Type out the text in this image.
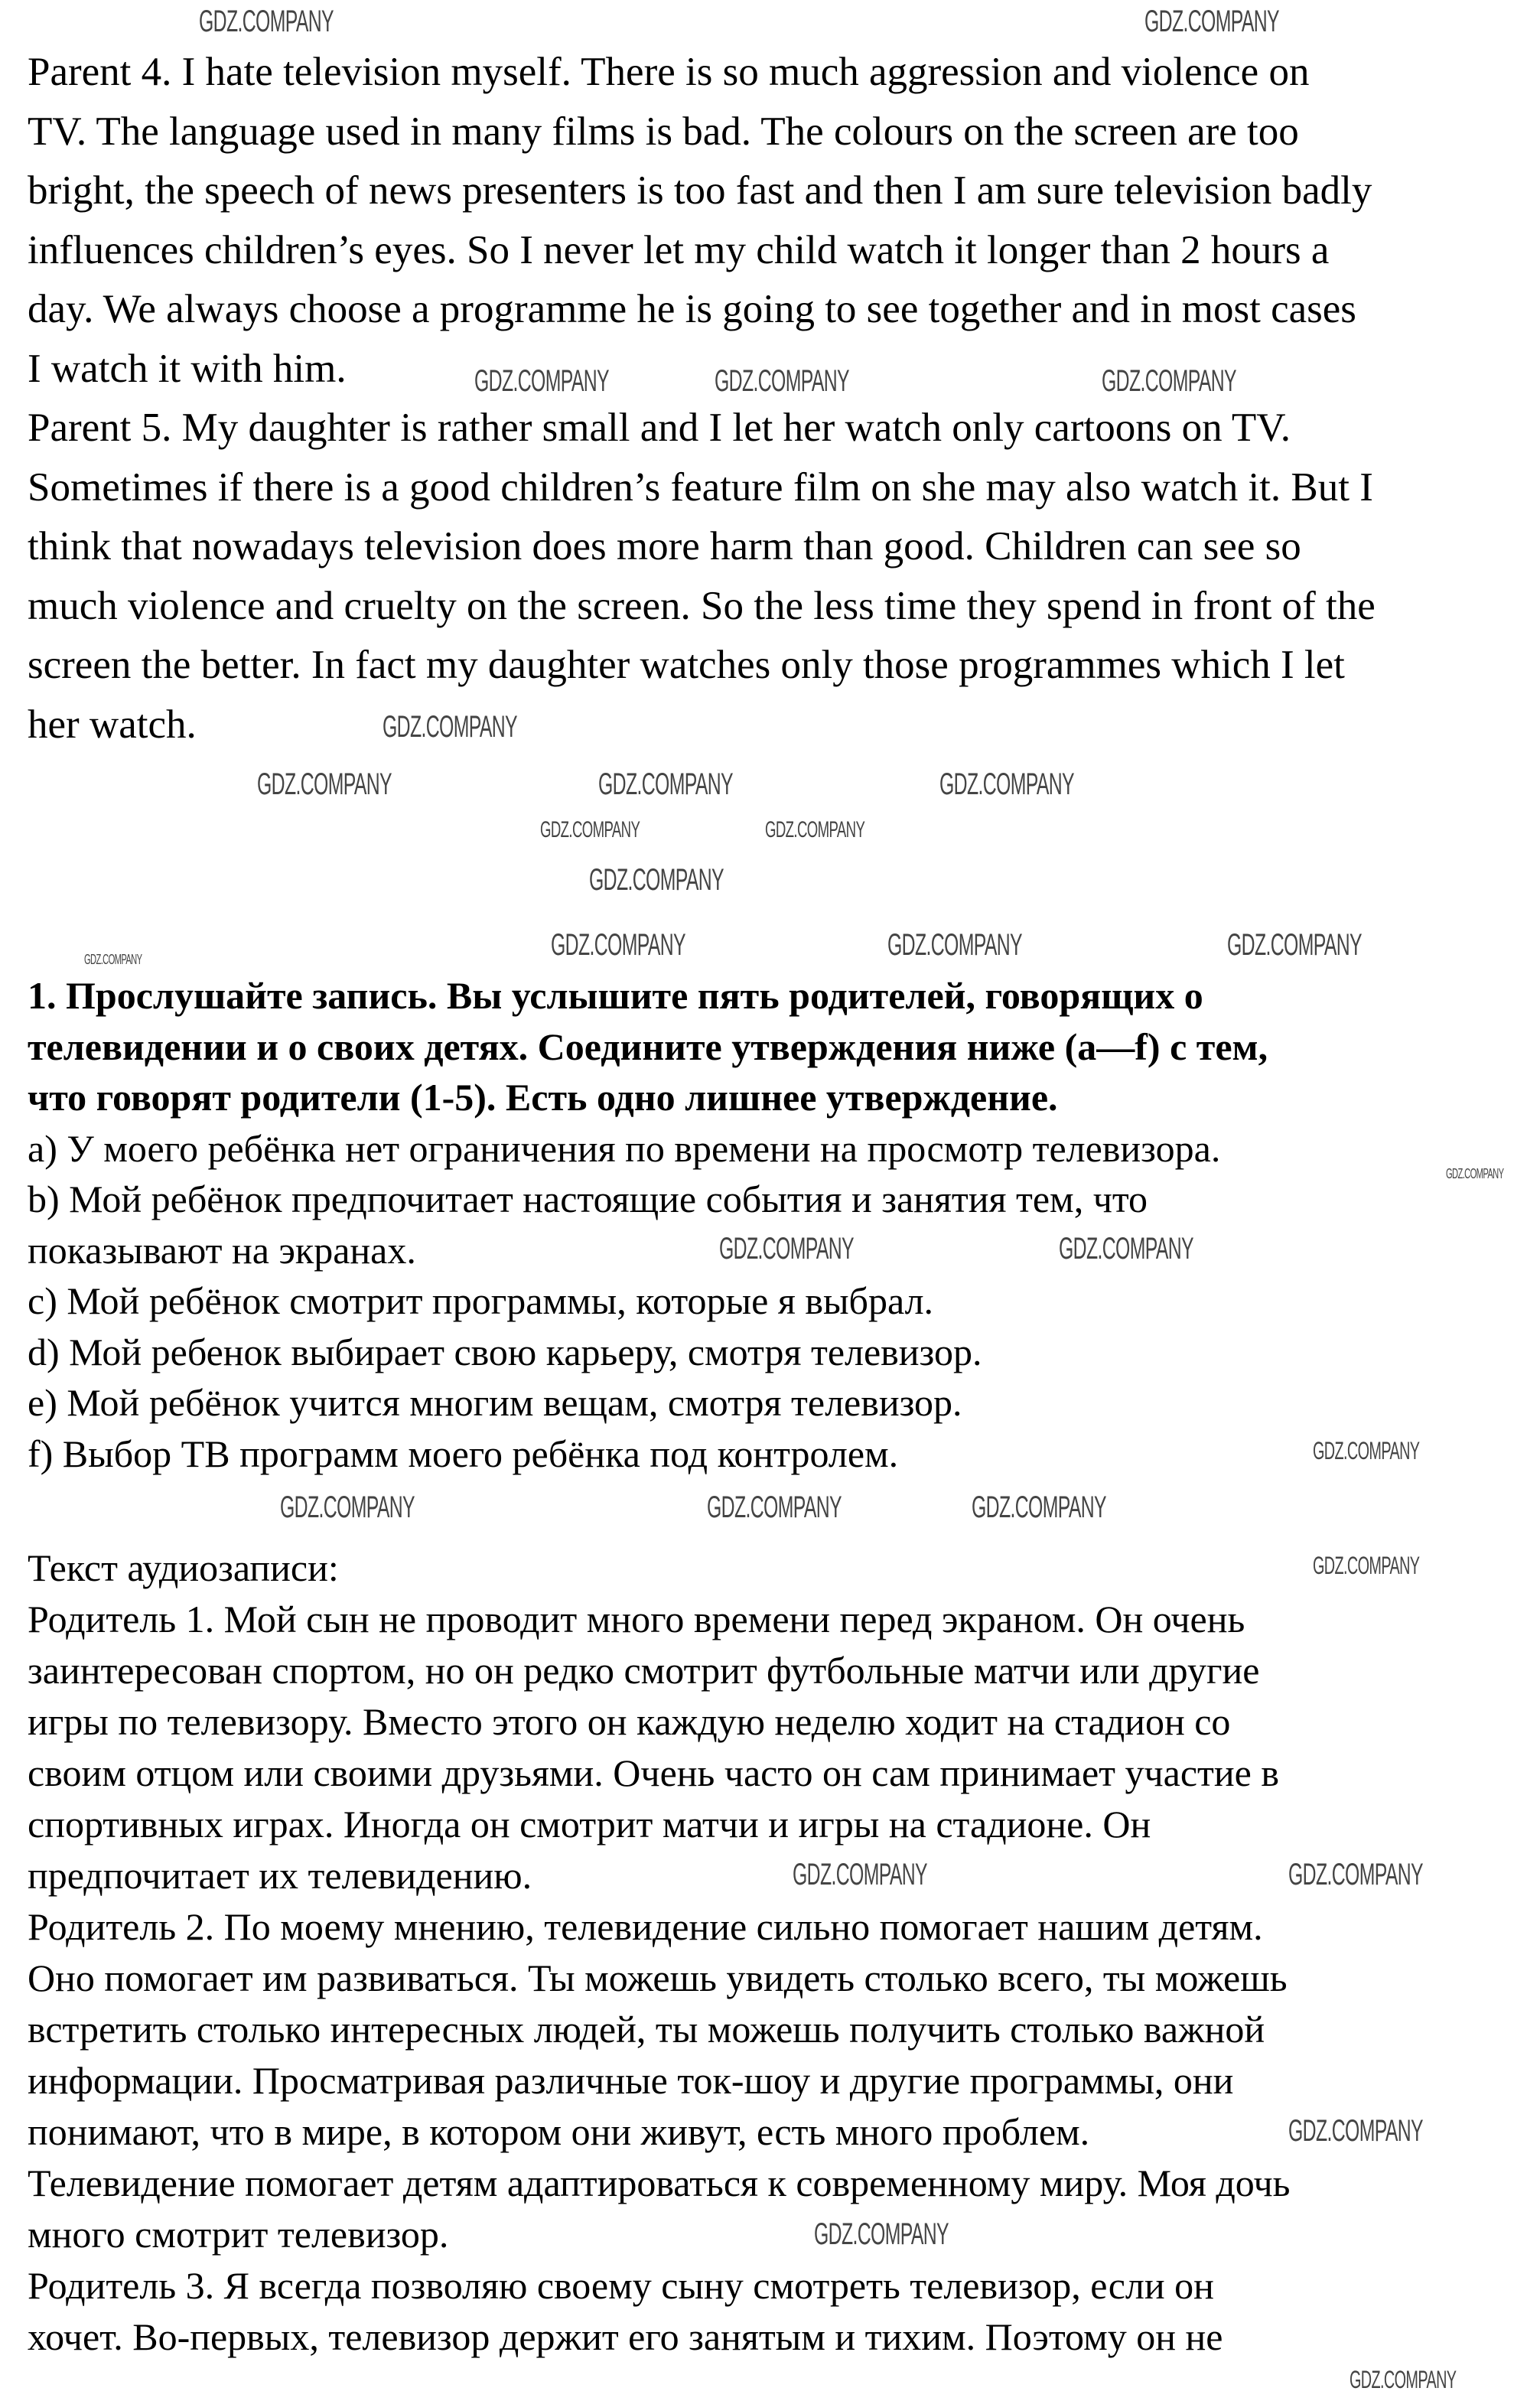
Parent 4. I hate television myself. There is so much aggression and violence on
TV. The language used in many films is bad. The colours on the screen are too
bright, the speech of news presenters is too fast and then I am sure television badly
influences children’s eyes. So I never let my child watch it longer than 2 hours a
day. We always choose a programme he is going to see together and in most cases
I watch it with him.
Parent 5. My daughter is rather small and I let her watch only cartoons on TV.
Sometimes if there is a good children’s feature film on she may also watch it. But I
think that nowadays television does more harm than good. Children can see so
much violence and cruelty on the screen. So the less time they spend in front of the
screen the better. In fact my daughter watches only those programmes which I let
her watch.
1. Прослушайте запись. Вы услышите пять родителей, говорящих о
телевидении и о своих детях. Соедините утверждения ниже (a—f) с тем,
что говорят родители (1-5). Есть одно лишнее утверждение.
a) У моего ребёнка нет ограничения по времени на просмотр телевизора.
b) Мой ребёнок предпочитает настоящие события и занятия тем, что
показывают на экранах.
c) Мой ребёнок смотрит программы, которые я выбрал.
d) Мой ребенок выбирает свою карьеру, смотря телевизор.
e) Мой ребёнок учится многим вещам, смотря телевизор.
f) Выбор ТВ программ моего ребёнка под контролем.
Текст аудиозаписи:
Родитель 1. Мой сын не проводит много времени перед экраном. Он очень
заинтересован спортом, но он редко смотрит футбольные матчи или другие
игры по телевизору. Вместо этого он каждую неделю ходит на стадион со
своим отцом или своими друзьями. Очень часто он сам принимает участие в
спортивных играх. Иногда он смотрит матчи и игры на стадионе. Он
предпочитает их телевидению.
Родитель 2. По моему мнению, телевидение сильно помогает нашим детям.
Оно помогает им развиваться. Ты можешь увидеть столько всего, ты можешь
встретить столько интересных людей, ты можешь получить столько важной
информации. Просматривая различные ток-шоу и другие программы, они
понимают, что в мире, в котором они живут, есть много проблем.
Телевидение помогает детям адаптироваться к современному миру. Моя дочь
много смотрит телевизор.
Родитель 3. Я всегда позволяю своему сыну смотреть телевизор, если он
хочет. Во-первых, телевизор держит его занятым и тихим. Поэтому он не
GDZ.COMPANY	GDZ.COMPANY
GDZ.COMPANY	GDZ.COMPANY	GDZ.COMPANY
GDZ.COMPANY
GDZ.COMPANY	GDZ.COMPANY	GDZ.COMPANY
GDZ.COMPANY	GDZ.COMPANY
GDZ.COMPANY
GDZ.COMPANY	GDZ.COMPANY	GDZ.COMPANY
GDZ.COMPANY
GDZ.COMPANY
GDZ.COMPANY	GDZ.COMPANY
GDZ.COMPANY
GDZ.COMPANY	GDZ.COMPANY	GDZ.COMPANY
GDZ.COMPANY
GDZ.COMPANY	GDZ.COMPANY
GDZ.COMPANY
GDZ.COMPANY
GDZ.COMPANY
